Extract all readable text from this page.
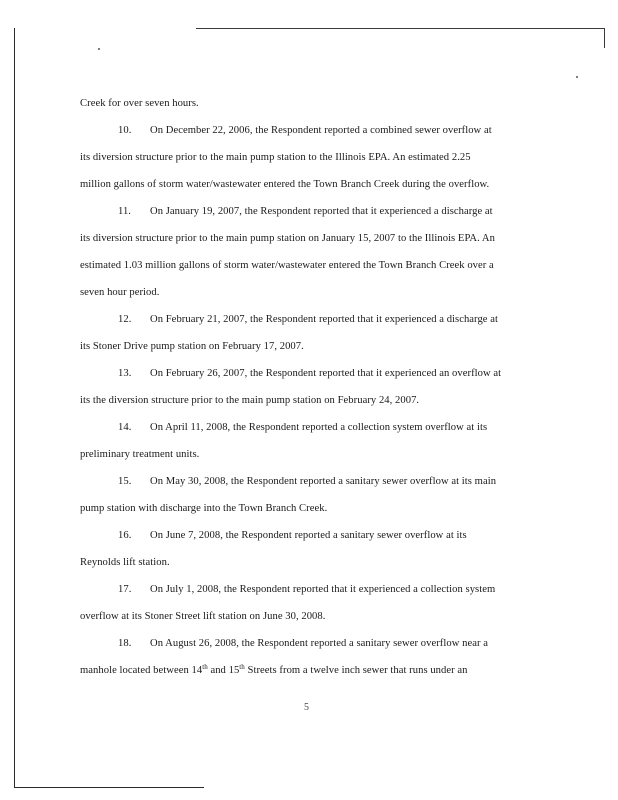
Creek for over seven hours.
10. On December 22, 2006, the Respondent reported a combined sewer overflow at
its diversion structure prior to the main pump station to the Illinois EPA. An estimated 2.25
million gallons of storm water/wastewater entered the Town Branch Creek during the overflow.
11. On January 19, 2007, the Respondent reported that it experienced a discharge at
its diversion structure prior to the main pump station on January 15, 2007 to the Illinois EPA. An
estimated 1.03 million gallons of storm water/wastewater entered the Town Branch Creek over a
seven hour period.
12. On February 21, 2007, the Respondent reported that it experienced a discharge at
its Stoner Drive pump station on February 17, 2007.
13. On February 26, 2007, the Respondent reported that it experienced an overflow at
its the diversion structure prior to the main pump station on February 24, 2007.
14. On April 11, 2008, the Respondent reported a collection system overflow at its
preliminary treatment units.
15. On May 30, 2008, the Respondent reported a sanitary sewer overflow at its main
pump station with discharge into the Town Branch Creek.
16. On June 7, 2008, the Respondent reported a sanitary sewer overflow at its
Reynolds lift station.
17. On July 1, 2008, the Respondent reported that it experienced a collection system
overflow at its Stoner Street lift station on June 30, 2008.
18. On August 26, 2008, the Respondent reported a sanitary sewer overflow near a
manhole located between 14th and 15th Streets from a twelve inch sewer that runs under an
5
